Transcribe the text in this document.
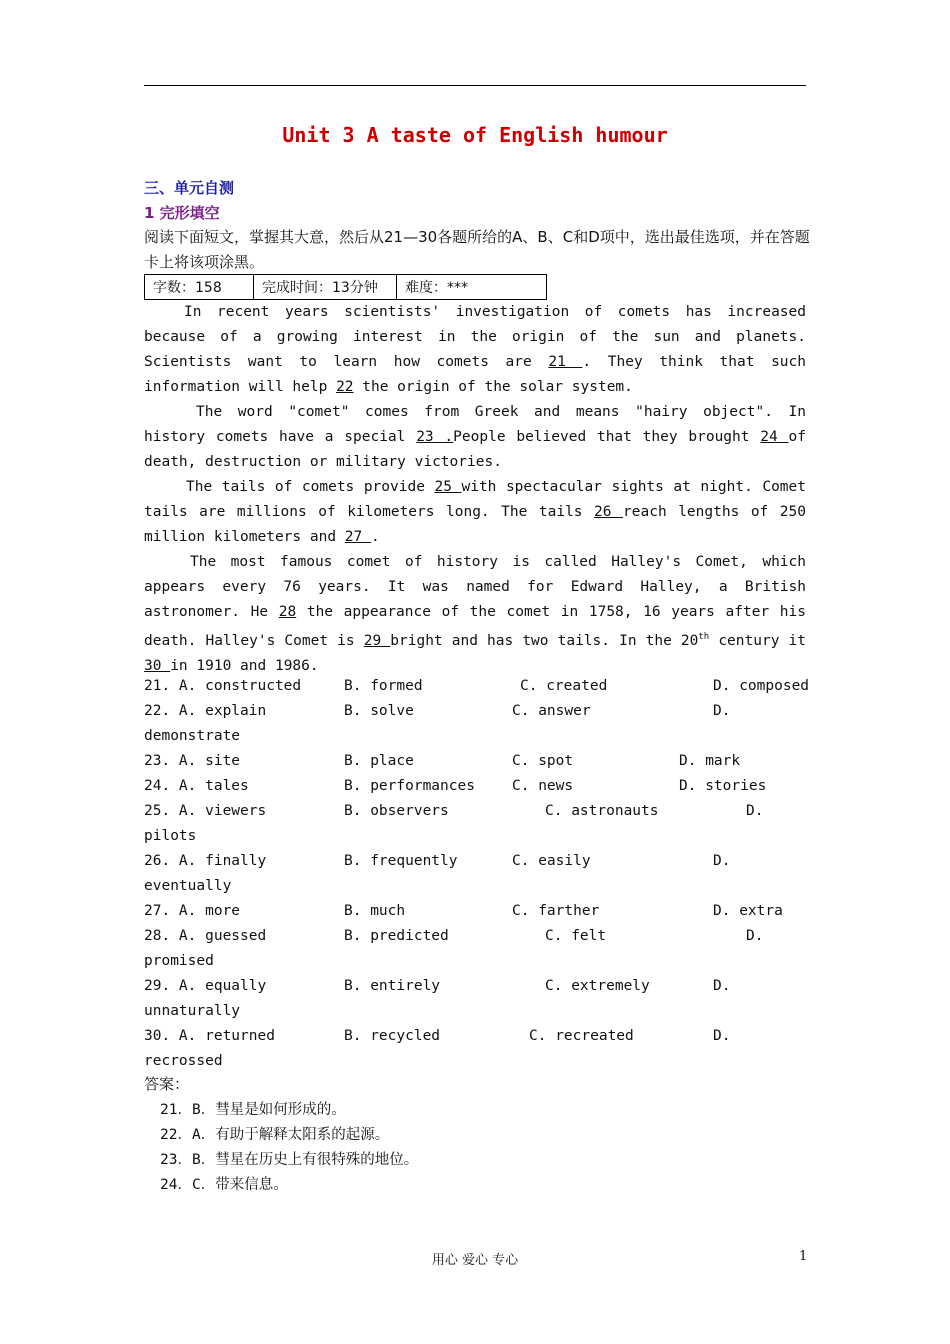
Unit 3 A taste of English humour
三、单元自测
1 完形填空
阅读下面短文，掌握其大意，然后从21—30各题所给的A、B、C和D项中，选出最佳选项，并在答题卡上将该项涂黑。
字数：158	完成时间：13分钟	难度：***
In recent years scientists' investigation of comets has increased because of a growing interest in the origin of the sun and planets. Scientists want to learn how comets are 21 . They think that such information will help 22 the origin of the solar system.
The word "comet" comes from Greek and means "hairy object". In history comets have a special 23 .People believed that they brought 24 of death, destruction or military victories.
The tails of comets provide 25 with spectacular sights at night. Comet tails are millions of kilometers long. The tails 26 reach lengths of 250 million kilometers and 27 .
The most famous comet of history is called Halley's Comet, which appears every 76 years. It was named for Edward Halley, a British astronomer. He 28 the appearance of the comet in 1758, 16 years after his death. Halley's Comet is 29 bright and has two tails. In the 20th century it 30 in 1910 and 1986.
21. A. constructed	B. formed	C. created	D. composed
22. A. explain	B. solve	C. answer	D.
demonstrate
23. A. site	B. place	C. spot	D. mark
24. A. tales	B. performances	C. news	D. stories
25. A. viewers	B. observers	C. astronauts	D.
pilots
26. A. finally	B. frequently	C. easily	D.
eventually
27. A. more	B. much	C. farther	D. extra
28. A. guessed	B. predicted	C. felt	D.
promised
29. A. equally	B. entirely	C. extremely	D.
unnaturally
30. A. returned	B. recycled	C. recreated	D.
recrossed
答案：
21．B．彗星是如何形成的。
22．A．有助于解释太阳系的起源。
23．B．彗星在历史上有很特殊的地位。
24．C．带来信息。
用心 爱心 专心	1
